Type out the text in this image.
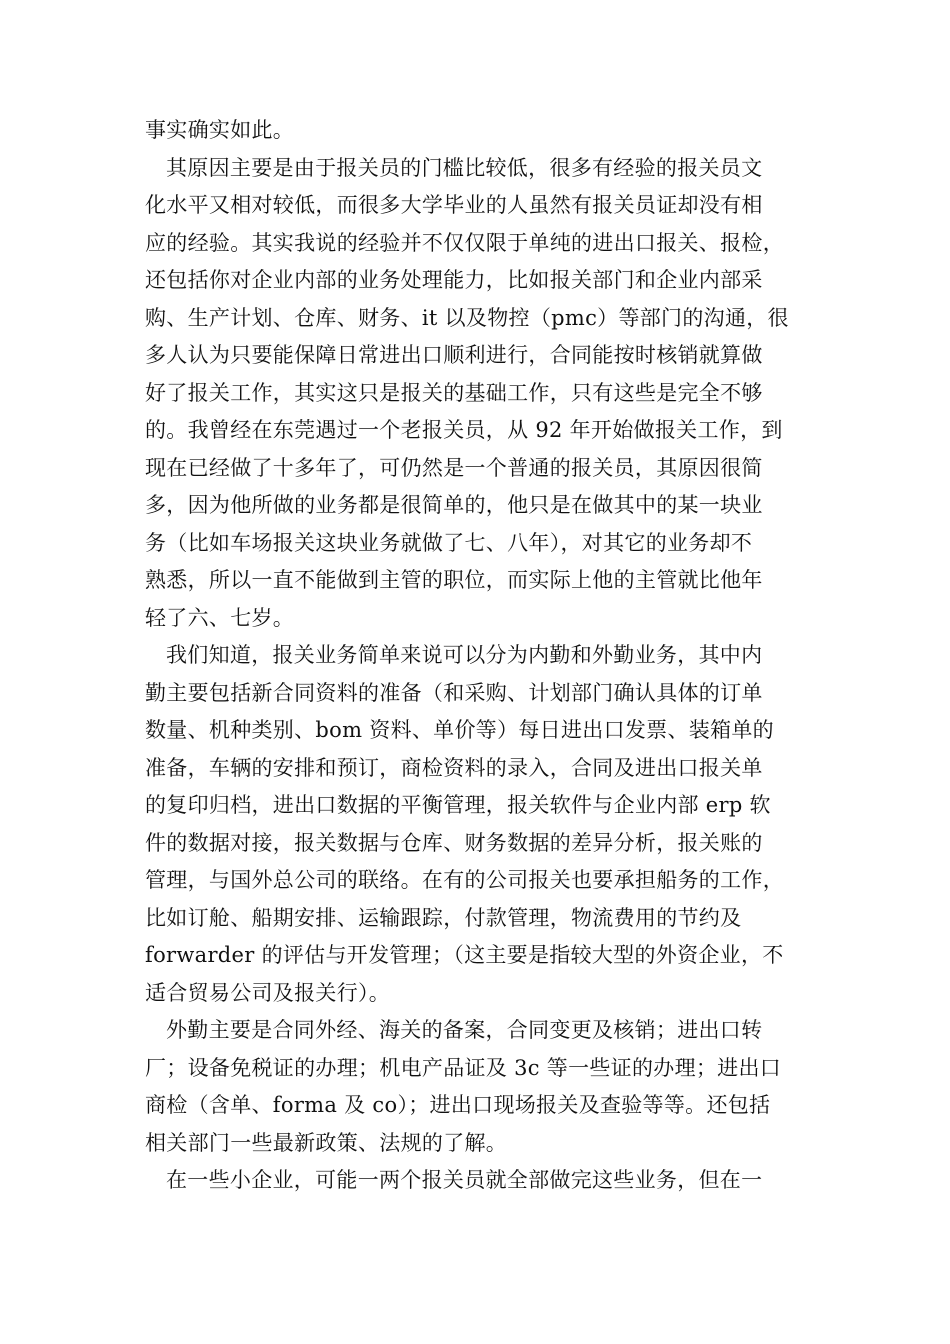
事实确实如此。
其原因主要是由于报关员的门槛比较低，很多有经验的报关员文
化水平又相对较低，而很多大学毕业的人虽然有报关员证却没有相
应的经验。其实我说的经验并不仅仅限于单纯的进出口报关、报检，
还包括你对企业内部的业务处理能力，比如报关部门和企业内部采
购、生产计划、仓库、财务、it 以及物控（pmc）等部门的沟通，很
多人认为只要能保障日常进出口顺利进行，合同能按时核销就算做
好了报关工作，其实这只是报关的基础工作，只有这些是完全不够
的。我曾经在东莞遇过一个老报关员，从 92 年开始做报关工作，到
现在已经做了十多年了，可仍然是一个普通的报关员，其原因很简
多，因为他所做的业务都是很简单的，他只是在做其中的某一块业
务（比如车场报关这块业务就做了七、八年），对其它的业务却不
熟悉，所以一直不能做到主管的职位，而实际上他的主管就比他年
轻了六、七岁。
我们知道，报关业务简单来说可以分为内勤和外勤业务，其中内
勤主要包括新合同资料的准备（和采购、计划部门确认具体的订单
数量、机种类别、bom 资料、单价等）每日进出口发票、装箱单的
准备，车辆的安排和预订，商检资料的录入，合同及进出口报关单
的复印归档，进出口数据的平衡管理，报关软件与企业内部 erp 软
件的数据对接，报关数据与仓库、财务数据的差异分析，报关账的
管理，与国外总公司的联络。在有的公司报关也要承担船务的工作，
比如订舱、船期安排、运输跟踪，付款管理，物流费用的节约及
forwarder 的评估与开发管理；（这主要是指较大型的外资企业，不
适合贸易公司及报关行）。
外勤主要是合同外经、海关的备案，合同变更及核销；进出口转
厂；设备免税证的办理；机电产品证及 3c 等一些证的办理；进出口
商检（含单、forma 及 co）；进出口现场报关及查验等等。还包括
相关部门一些最新政策、法规的了解。
在一些小企业，可能一两个报关员就全部做完这些业务，但在一
